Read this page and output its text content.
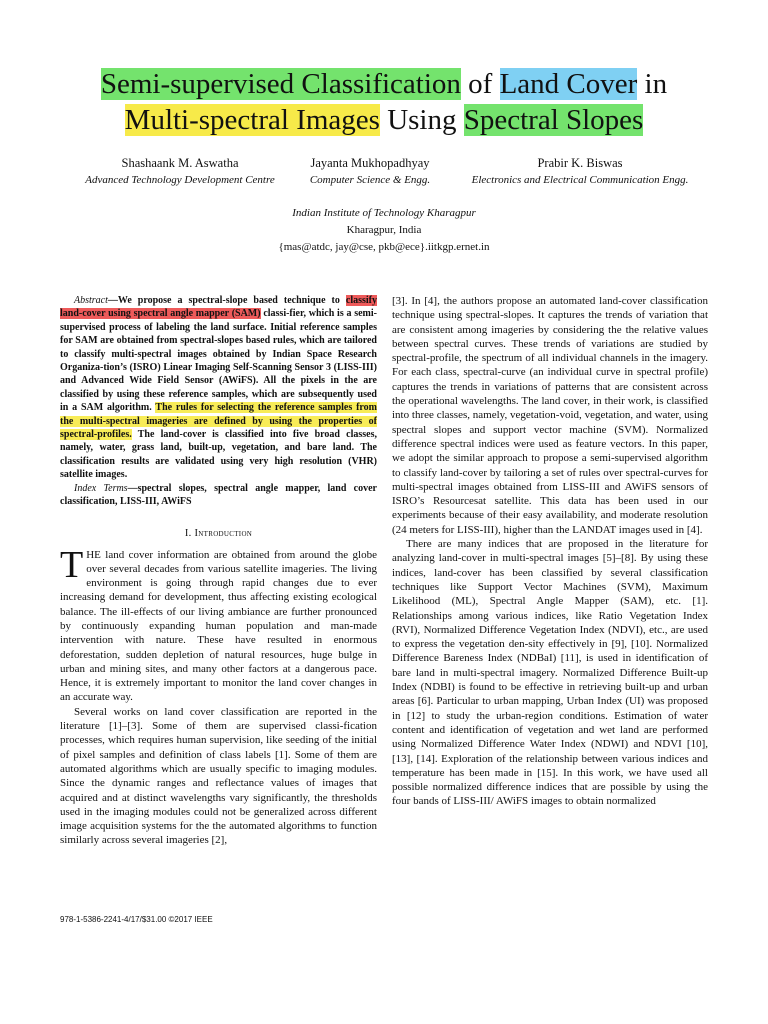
Semi-supervised Classification of Land Cover in
Multi-spectral Images Using Spectral Slopes
Shashaank M. Aswatha
Advanced Technology Development Centre
Jayanta Mukhopadhyay
Computer Science & Engg.
Prabir K. Biswas
Electronics and Electrical Communication Engg.
Indian Institute of Technology Kharagpur
Kharagpur, India
{mas@atdc, jay@cse, pkb@ece}.iitkgp.ernet.in

Abstract—We propose a spectral-slope based technique to classify land-cover using spectral angle mapper (SAM) classi-fier, which is a semi-supervised process of labeling the land surface. Initial reference samples for SAM are obtained from spectral-slopes based rules, which are tailored to classify multi-spectral images obtained by Indian Space Research Organiza-tion’s (ISRO) Linear Imaging Self-Scanning Sensor 3 (LISS-III) and Advanced Wide Field Sensor (AWiFS). All the pixels in the are classified by using these reference samples, which are subsequently used in a SAM algorithm. The rules for selecting the reference samples from the multi-spectral imageries are defined by using the properties of spectral-profiles. The land-cover is classified into five broad classes, namely, water, grass land, built-up, vegetation, and bare land. The classification results are validated using very high resolution (VHR) satellite images.

Index Terms—spectral slopes, spectral angle mapper, land cover classification, LISS-III, AWiFS

I. Introduction

THE land cover information are obtained from around the globe over several decades from various satellite imageries. The living environment is going through rapid changes due to ever increasing demand for development, thus affecting existing ecological balance. The ill-effects of our living ambiance are further pronounced by continuously expanding human population and man-made intervention with nature. These have resulted in enormous deforestation, sudden depletion of natural resources, huge bulge in urban and mining sites, and many other factors at a dangerous pace. Hence, it is extremely important to monitor the land cover changes in an accurate way.

Several works on land cover classification are reported in the literature [1]–[3]. Some of them are supervised classi-fication processes, which requires human supervision, like seeding of the initial of pixel samples and definition of class labels [1]. Some of them are automated algorithms which are usually specific to imaging modules. Since the dynamic ranges and reflectance values of images that acquired and at distinct wavelengths vary significantly, the thresholds used in the imaging modules could not be generalized across different image acquisition systems for the the automated algorithms to function similarly across several imageries [2],

[3]. In [4], the authors propose an automated land-cover classification technique using spectral-slopes. It captures the trends of variation that are consistent among imageries by considering the the relative values between spectral curves. These trends of variations are studied by spectral-profile, the spectrum of all individual channels in the imagery. For each class, spectral-curve (an individual curve in spectral profile) captures the trends in variations of patterns that are consistent across the operational wavelengths. The land cover, in their work, is classified into three classes, namely, vegetation-void, vegetation, and water, using spectral slopes and support vector machine (SVM). Normalized difference spectral indices were used as feature vectors. In this paper, we adopt the similar approach to propose a semi-supervised algorithm to classify land-cover by tailoring a set of rules over spectral-curves for multi-spectral images obtained from LISS-III and AWiFS sensors of ISRO’s Resourcesat satellite. This data has been used in our experiments because of their easy availability, and moderate resolution (24 meters for LISS-III), higher than the LANDAT images used in [4].

There are many indices that are proposed in the literature for analyzing land-cover in multi-spectral images [5]–[8]. By using these indices, land-cover has been classified by several classification techniques like Support Vector Machines (SVM), Maximum Likelihood (ML), Spectral Angle Mapper (SAM), etc. [1]. Relationships among various indices, like Ratio Vegetation Index (RVI), Normalized Difference Vegetation Index (NDVI), etc., are used to express the vegetation den-sity effectively in [9], [10]. Normalized Difference Bareness Index (NDBaI) [11], is used in identification of bare land in multi-spectral imagery. Normalized Difference Built-up Index (NDBI) is found to be effective in retrieving built-up and urban areas [6]. Particular to urban mapping, Urban Index (UI) was proposed in [12] to study the urban-region conditions. Estimation of water content and identification of vegetation and wet land are performed using Normalized Difference Water Index (NDWI) and NDVI [10], [13], [14]. Exploration of the relationship between various indices and temperature has been made in [15]. In this work, we have used all possible normalized difference indices that are possible by using the four bands of LISS-III/ AWiFS images to obtain normalized

978-1-5386-2241-4/17/$31.00 ©2017 IEEE
